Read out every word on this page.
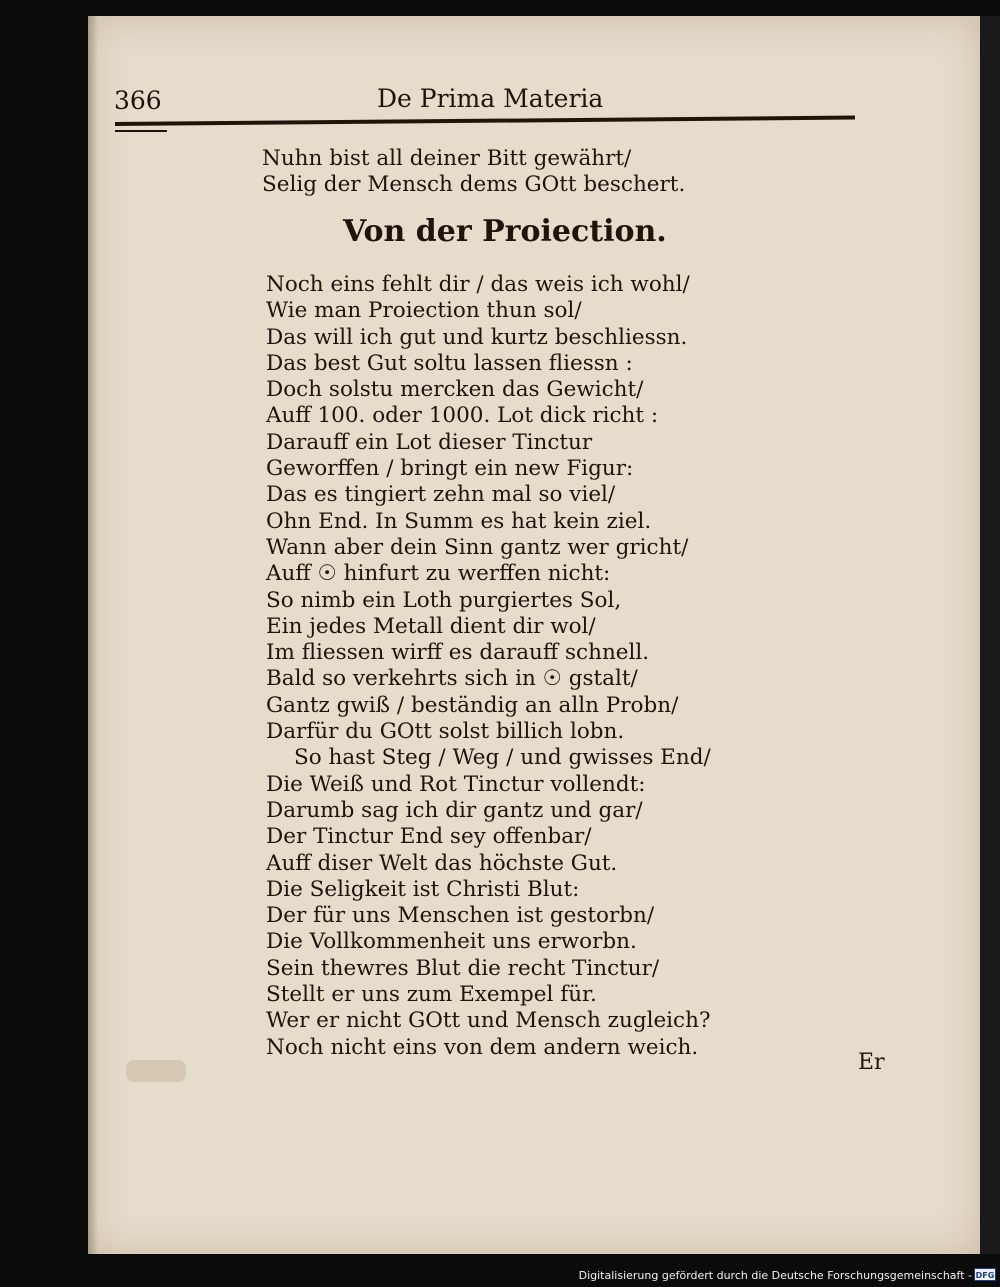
366	De Prima Materia
Nuhn bist all deiner Bitt gewährt/
Selig der Mensch dems GOtt beschert.
Von der Proiection.
Noch eins fehlt dir / das weis ich wohl/
Wie man Proiection thun sol/
Das will ich gut und kurtz beschliessn.
Das best Gut soltu lassen fliessn :
Doch solstu mercken das Gewicht/
Auff 100. oder 1000. Lot dick richt :
Darauff ein Lot dieser Tinctur
Geworffen / bringt ein new Figur:
Das es tingiert zehn mal so viel/
Ohn End. In Summ es hat kein ziel.
Wann aber dein Sinn gantz wer gricht/
Auff ☉ hinfurt zu werffen nicht:
So nimb ein Loth purgiertes Sol,
Ein jedes Metall dient dir wol/
Im fliessen wirff es darauff schnell.
Bald so verkehrts sich in ☉ gstalt/
Gantz gwiß / beständig an alln Probn/
Darfür du GOtt solst billich lobn.
So hast Steg / Weg / und gwisses End/
Die Weiß und Rot Tinctur vollendt:
Darumb sag ich dir gantz und gar/
Der Tinctur End sey offenbar/
Auff diser Welt das höchste Gut.
Die Seligkeit ist Christi Blut:
Der für uns Menschen ist gestorbn/
Die Vollkommenheit uns erworbn.
Sein thewres Blut die recht Tinctur/
Stellt er uns zum Exempel für.
Wer er nicht GOtt und Mensch zugleich?
Noch nicht eins von dem andern weich.
Er
Digitalisierung gefördert durch die Deutsche Forschungsgemeinschaft - DFG
